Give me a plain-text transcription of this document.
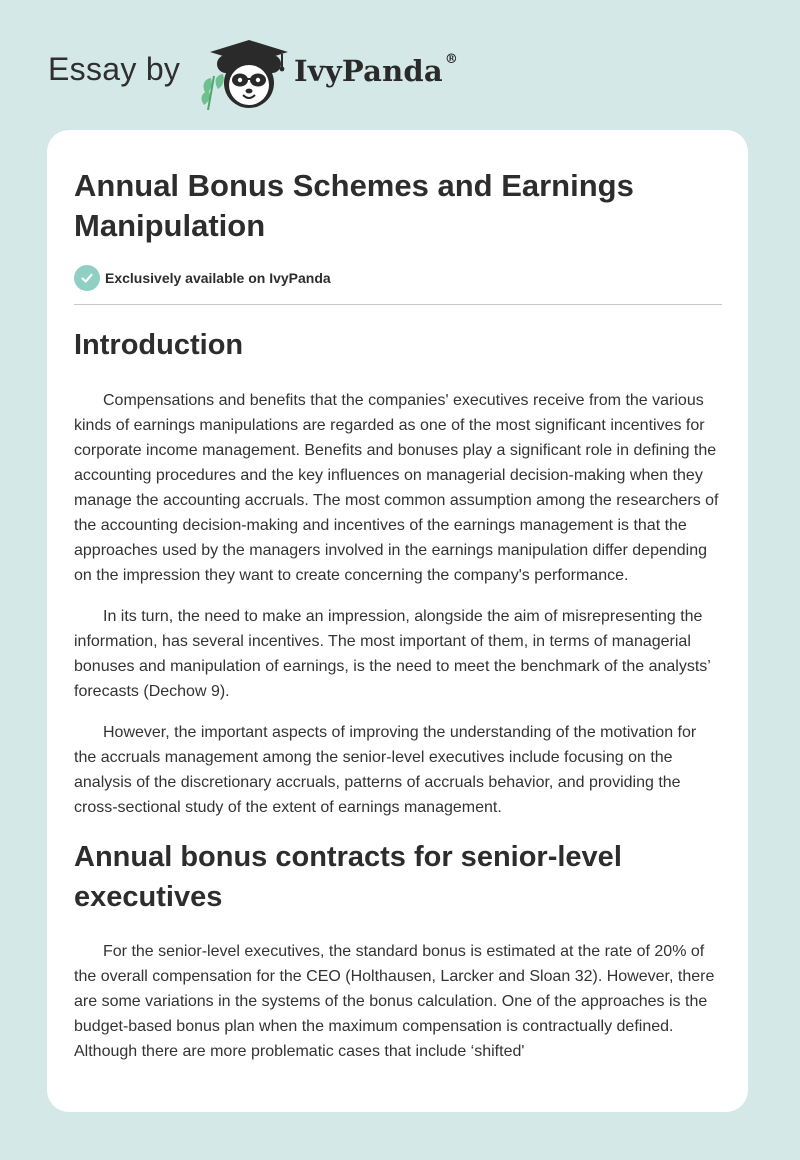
Essay by	IvyPanda ®
Annual Bonus Schemes and Earnings Manipulation
Exclusively available on IvyPanda
Introduction

Compensations and benefits that the companies' executives receive from the various kinds of earnings manipulations are regarded as one of the most significant incentives for corporate income management. Benefits and bonuses play a significant role in defining the accounting procedures and the key influences on managerial decision-making when they manage the accounting accruals. The most common assumption among the researchers of the accounting decision-making and incentives of the earnings management is that the approaches used by the managers involved in the earnings manipulation differ depending on the impression they want to create concerning the company's performance.

In its turn, the need to make an impression, alongside the aim of misrepresenting the information, has several incentives. The most important of them, in terms of managerial bonuses and manipulation of earnings, is the need to meet the benchmark of the analysts’ forecasts (Dechow 9).

However, the important aspects of improving the understanding of the motivation for the accruals management among the senior-level executives include focusing on the analysis of the discretionary accruals, patterns of accruals behavior, and providing the cross-sectional study of the extent of earnings management.

Annual bonus contracts for senior-level executives

For the senior-level executives, the standard bonus is estimated at the rate of 20% of the overall compensation for the CEO (Holthausen, Larcker and Sloan 32). However, there are some variations in the systems of the bonus calculation. One of the approaches is the budget-based bonus plan when the maximum compensation is contractually defined. Although there are more problematic cases that include ‘shifted'
